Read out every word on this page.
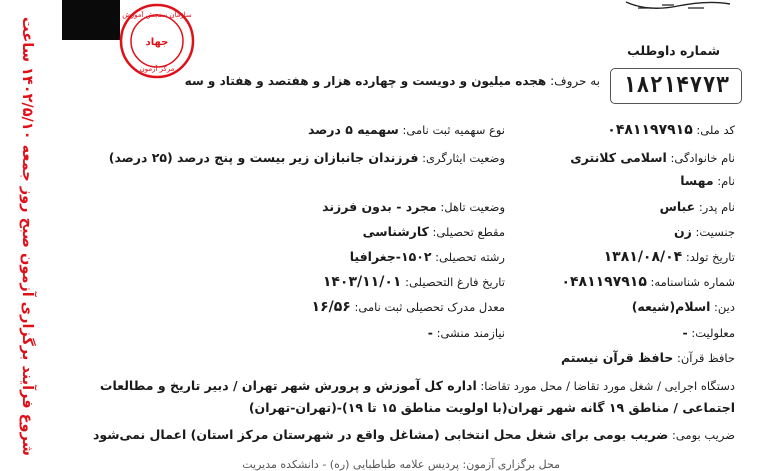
شروع فرآیند برگزاری آزمون صبح روز جمعه ۱۴۰۲/۵/۱۰ ساعت
سازمان سنجش آموزش
جهاد
مرکز آزمون
شماره داوطلب
۱۸۲۱۴۷۷۳
به حروف: هجده میلیون و دویست و چهارده هزار و هفتصد و هفتاد و سه
کد ملی: ۰۴۸۱۱۹۷۹۱۵
نام خانوادگی: اسلامی کلانتری
نام: مهسا
نام پدر: عباس
جنسیت: زن
تاریخ تولد: ۱۳۸۱/۰۸/۰۴
شماره شناسنامه: ۰۴۸۱۱۹۷۹۱۵
دین: اسلام(شیعه)
معلولیت: -
حافظ قرآن: حافظ قرآن نیستم
نوع سهمیه ثبت نامی: سهمیه ۵ درصد
وضعیت ایثارگری: فرزندان جانبازان زیر بیست و پنج درصد (۲۵ درصد)
وضعیت تاهل: مجرد - بدون فرزند
مقطع تحصیلی: کارشناسی
رشته تحصیلی: ۱۵۰۲-جغرافیا
تاریخ فارغ التحصیلی: ۱۴۰۳/۱۱/۰۱
معدل مدرک تحصیلی ثبت نامی: ۱۶/۵۶
نیازمند منشی: -
دستگاه اجرایی / شغل مورد تقاضا / محل مورد تقاضا: اداره کل آموزش و پرورش شهر تهران / دبیر تاریخ و مطالعات اجتماعی / مناطق ۱۹ گانه شهر تهران(با اولویت مناطق ۱۵ تا ۱۹)-(تهران-تهران)
ضریب بومی: ضریب بومی برای شغل محل انتخابی (مشاغل واقع در شهرستان مرکز استان) اعمال نمی‌شود
محل برگزاری آزمون: پردیس علامه طباطبایی (ره) - دانشکده مدیریت
